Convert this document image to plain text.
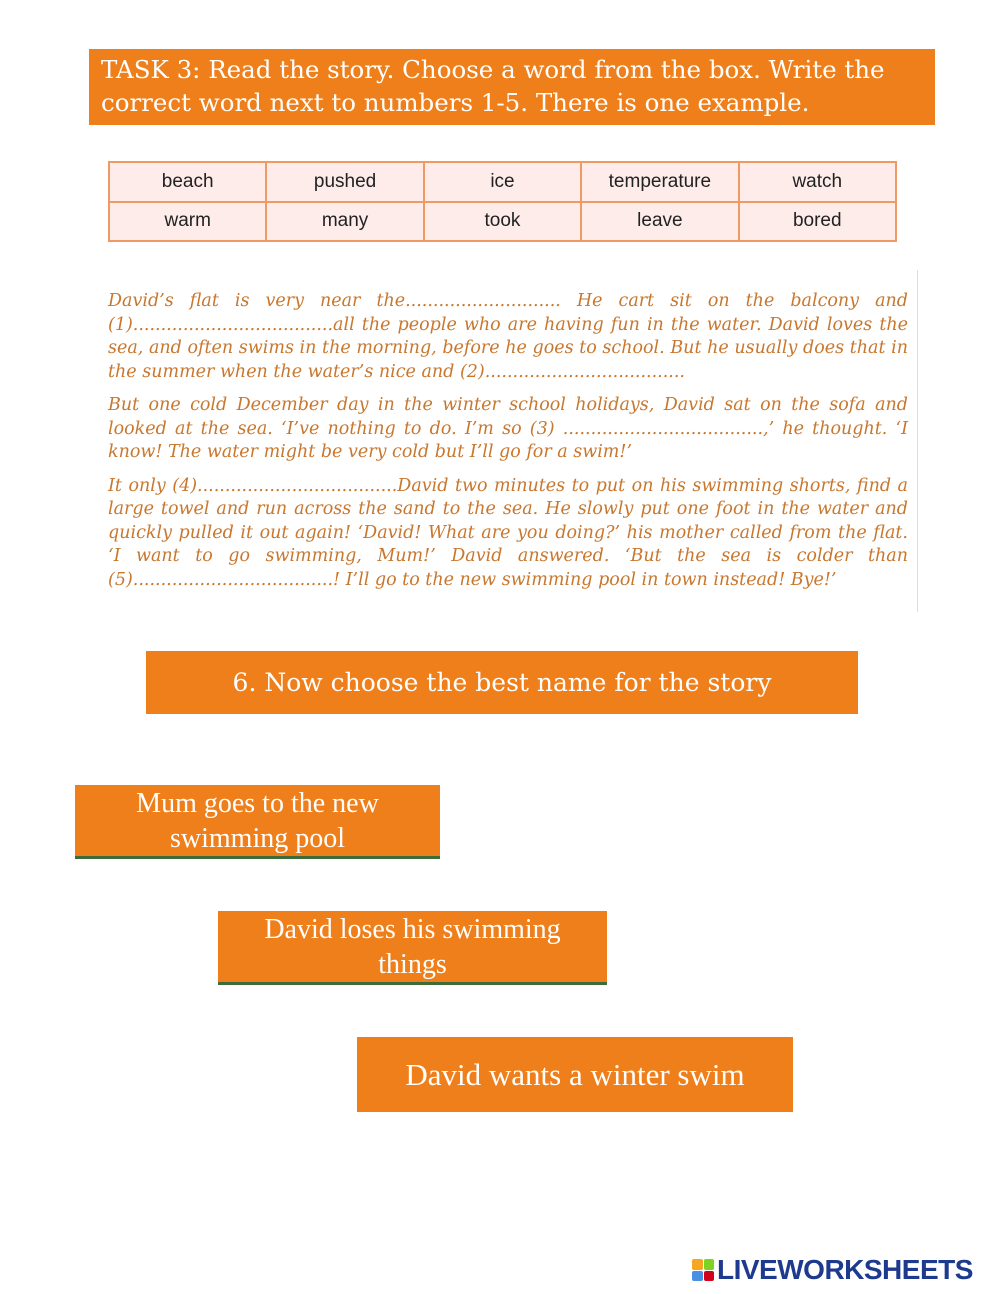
TASK 3: Read the story. Choose a word from the box. Write the correct word next to numbers 1-5. There is one example.
beach	pushed	ice	temperature	watch
warm	many	took	leave	bored

David’s flat is very near the............................ He cart sit on the balcony and (1)....................................all the people who are having fun in the water. David loves the sea, and often swims in the morning, before he goes to school. But he usually does that in the summer when the water’s nice and (2)....................................

But one cold December day in the winter school holidays, David sat on the sofa and looked at the sea. ‘I’ve nothing to do. I’m so (3) ....................................,’ he thought. ‘I know! The water might be very cold but I’ll go for a swim!’

It only (4)....................................David two minutes to put on his swimming shorts, find a large towel and run across the sand to the sea. He slowly put one foot in the water and quickly pulled it out again! ‘David! What are you doing?’ his mother called from the flat. ‘I want to go swimming, Mum!’ David answered. ‘But the sea is colder than (5)....................................! I’ll go to the new swimming pool in town instead! Bye!’

6. Now choose the best name for the story
Mum goes to the new swimming pool
David loses his swimming things
David wants a winter swim
LIVEWORKSHEETS
